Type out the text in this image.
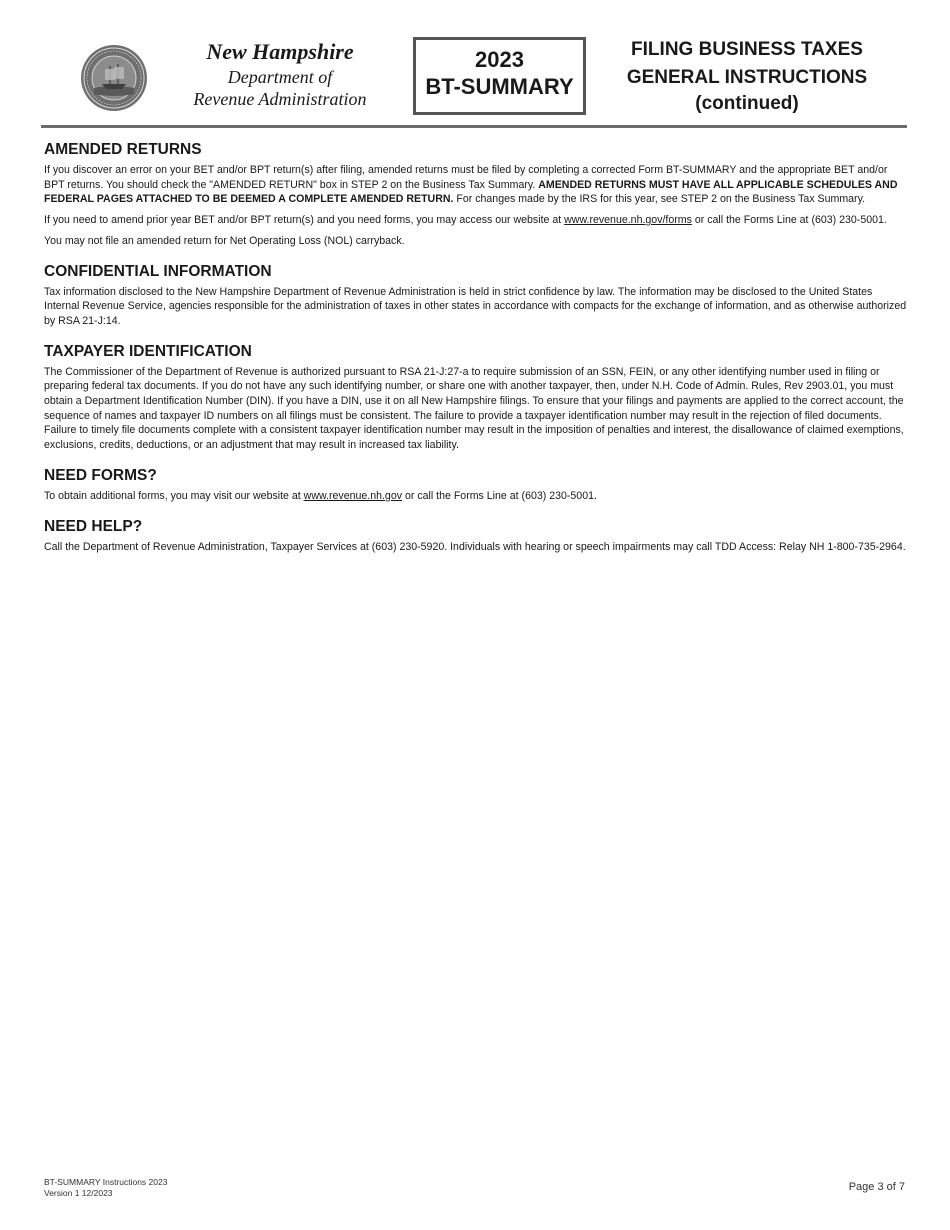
New Hampshire
Department of
Revenue Administration
2023
BT-SUMMARY
FILING BUSINESS TAXES
GENERAL INSTRUCTIONS
(continued)
AMENDED RETURNS

If you discover an error on your BET and/or BPT return(s) after filing, amended returns must be filed by completing a corrected Form BT-SUMMARY and the appropriate BET and/or BPT returns. You should check the "AMENDED RETURN" box in STEP 2 on the Business Tax Summary. AMENDED RETURNS MUST HAVE ALL APPLICABLE SCHEDULES AND FEDERAL PAGES ATTACHED TO BE DEEMED A COMPLETE AMENDED RETURN. For changes made by the IRS for this year, see STEP 2 on the Business Tax Summary.

If you need to amend prior year BET and/or BPT return(s) and you need forms, you may access our website at www.revenue.nh.gov/forms or call the Forms Line at (603) 230-5001.

You may not file an amended return for Net Operating Loss (NOL) carryback.

CONFIDENTIAL INFORMATION

Tax information disclosed to the New Hampshire Department of Revenue Administration is held in strict confidence by law. The information may be disclosed to the United States Internal Revenue Service, agencies responsible for the administration of taxes in other states in accordance with compacts for the exchange of information, and as otherwise authorized by RSA 21-J:14.

TAXPAYER IDENTIFICATION

The Commissioner of the Department of Revenue is authorized pursuant to RSA 21-J:27-a to require submission of an SSN, FEIN, or any other identifying number used in filing or preparing federal tax documents. If you do not have any such identifying number, or share one with another taxpayer, then, under N.H. Code of Admin. Rules, Rev 2903.01, you must obtain a Department Identification Number (DIN). If you have a DIN, use it on all New Hampshire filings. To ensure that your filings and payments are applied to the correct account, the sequence of names and taxpayer ID numbers on all filings must be consistent. The failure to provide a taxpayer identification number may result in the rejection of filed documents. Failure to timely file documents complete with a consistent taxpayer identification number may result in the imposition of penalties and interest, the disallowance of claimed exemptions, exclusions, credits, deductions, or an adjustment that may result in increased tax liability.

NEED FORMS?

To obtain additional forms, you may visit our website at www.revenue.nh.gov or call the Forms Line at (603) 230-5001.

NEED HELP?

Call the Department of Revenue Administration, Taxpayer Services at (603) 230-5920. Individuals with hearing or speech impairments may call TDD Access: Relay NH 1-800-735-2964.

BT-SUMMARY Instructions 2023
Version 1 12/2023	Page 3 of 7
